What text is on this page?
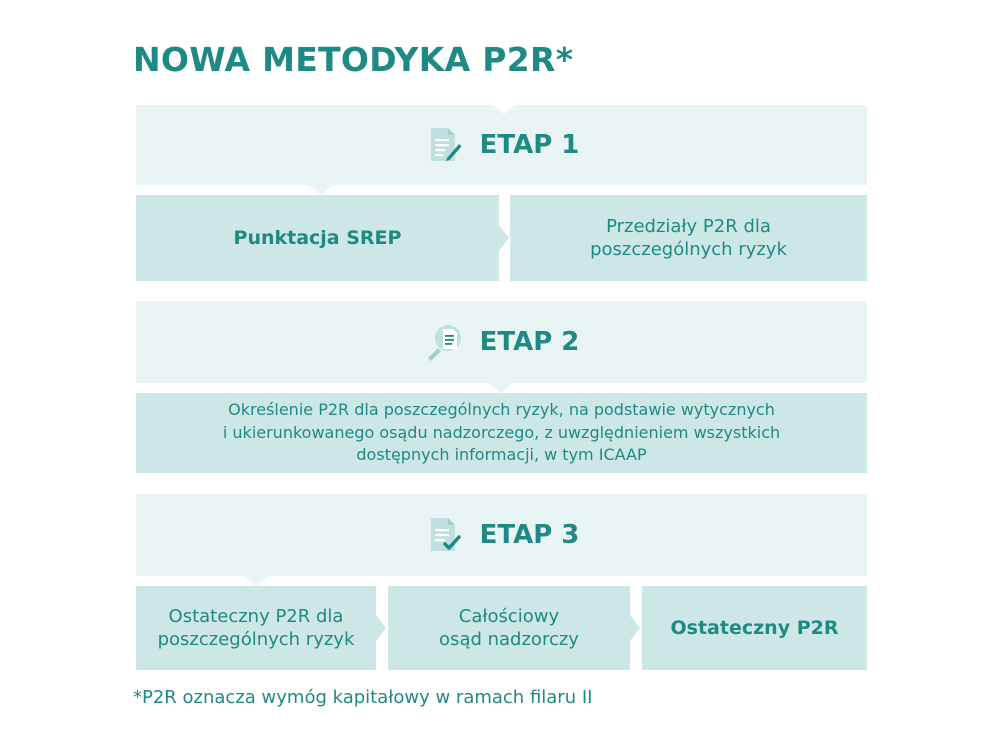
NOWA METODYKA P2R*
ETAP 1
Punktacja SREP
Przedziały P2R dla
poszczególnych ryzyk
ETAP 2
Określenie P2R dla poszczególnych ryzyk, na podstawie wytycznych
i ukierunkowanego osądu nadzorczego, z uwzględnieniem wszystkich
dostępnych informacji, w tym ICAAP
ETAP 3
Ostateczny P2R dla
poszczególnych ryzyk
Całościowy
osąd nadzorczy
Ostateczny P2R

*P2R oznacza wymóg kapitałowy w ramach filaru II
